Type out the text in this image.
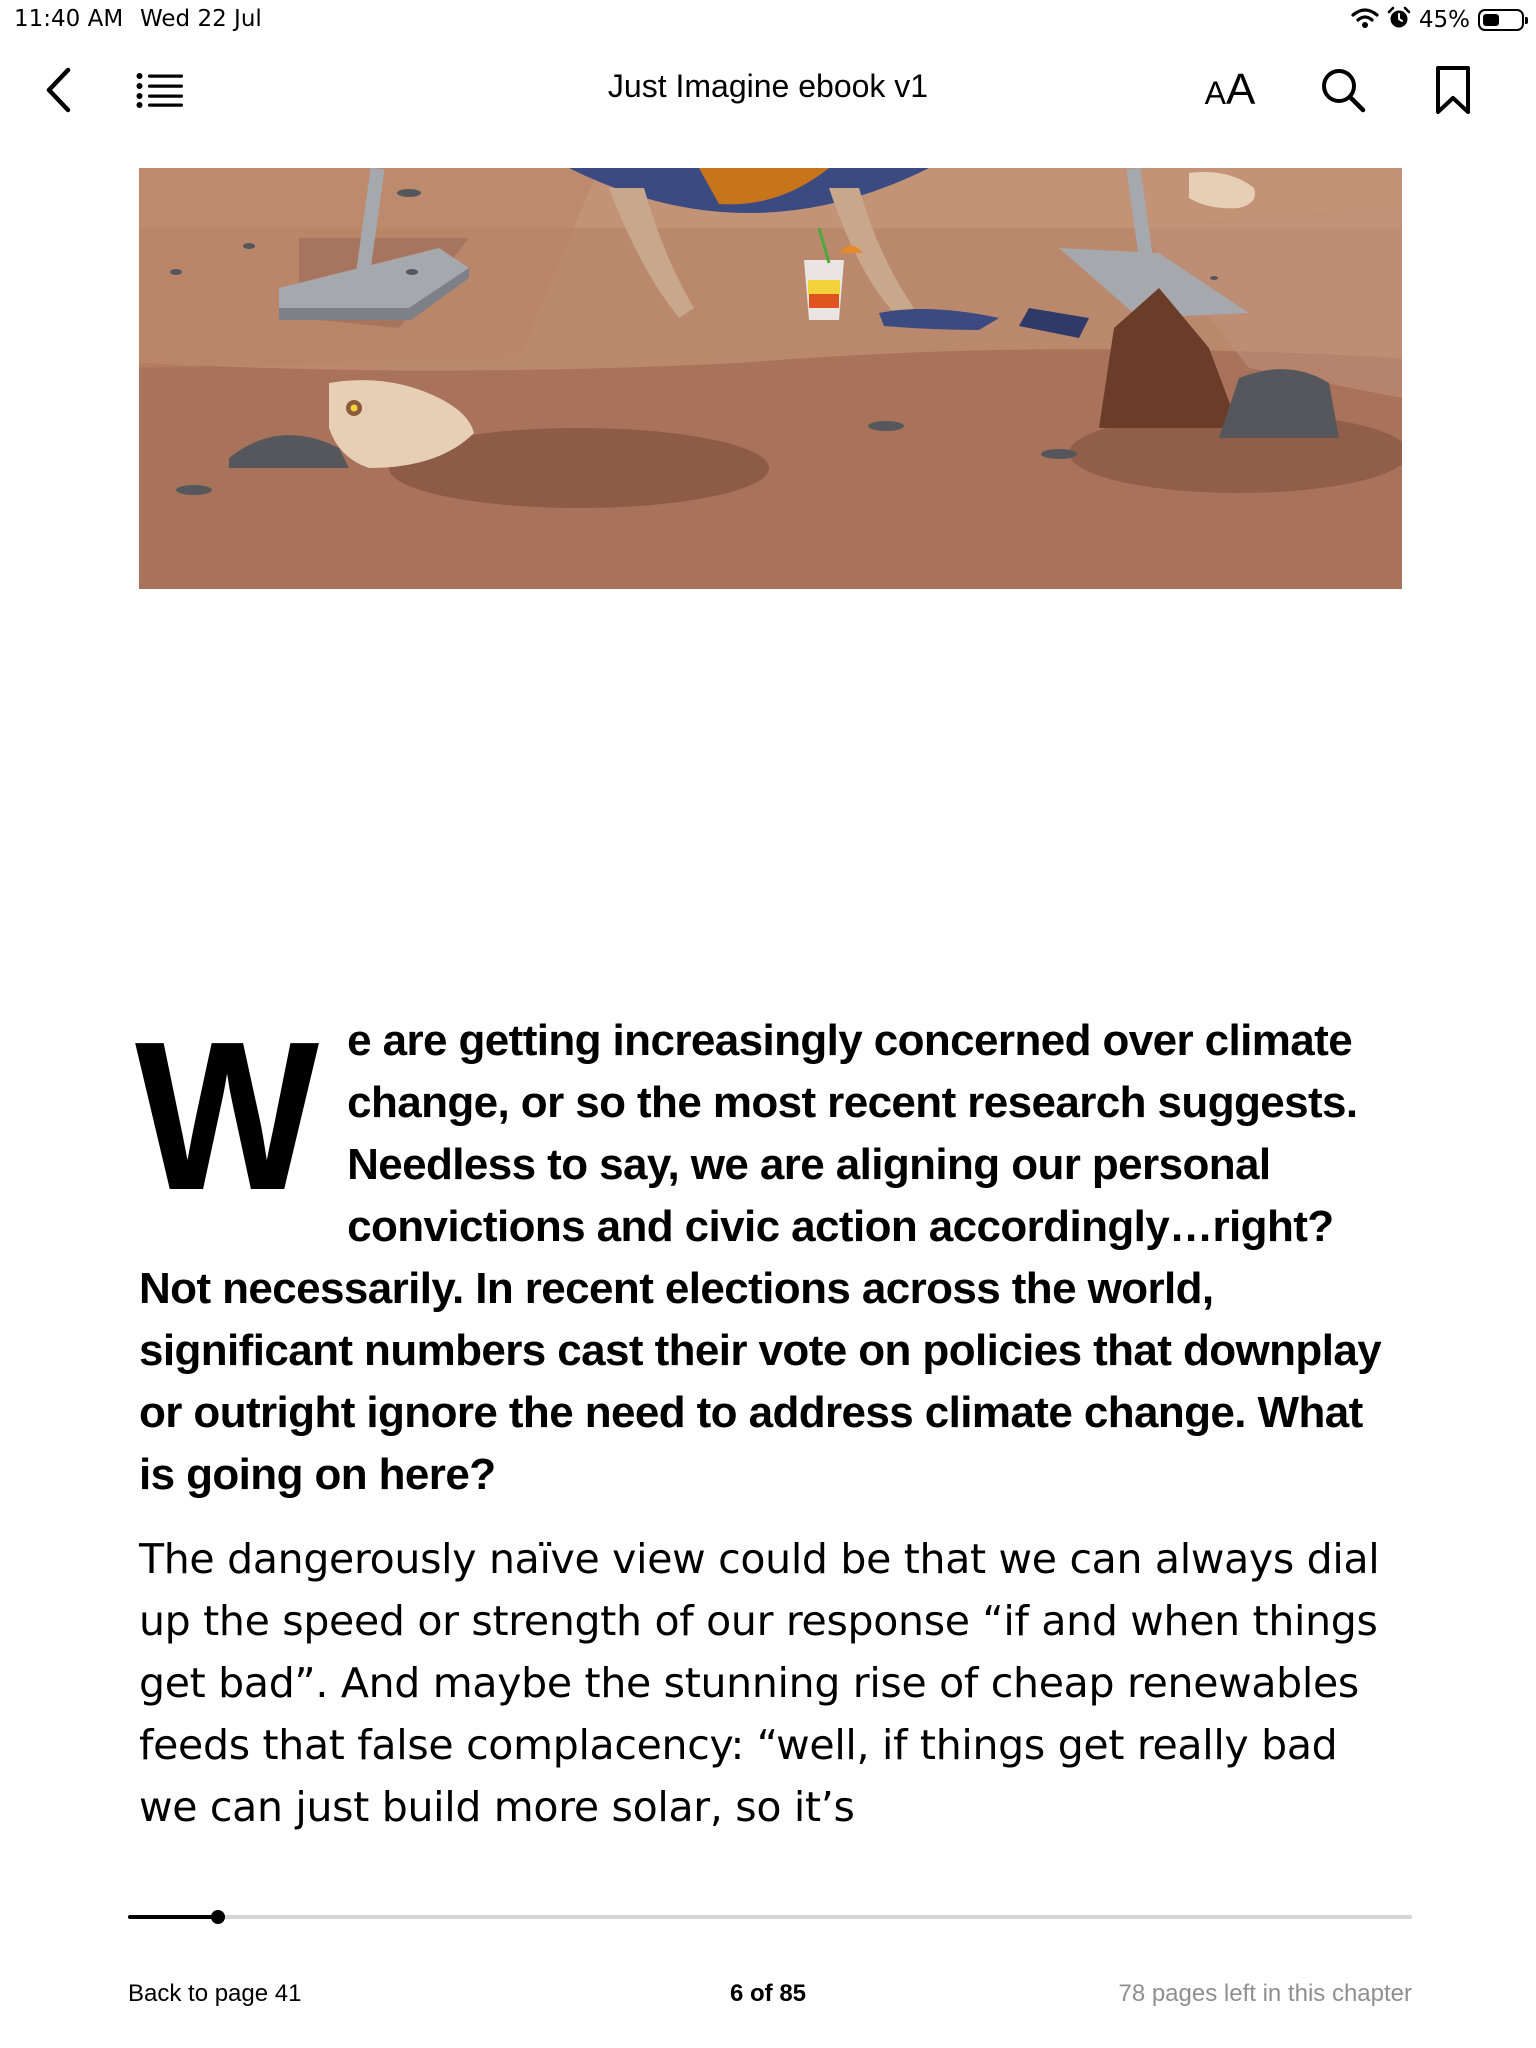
11:40 AM Wed 22 Jul	45%
Just Imagine ebook v1	AA

We are getting increasingly concerned over climate change, or so the most recent research suggests. Needless to say, we are aligning our personal convictions and civic action accordingly…right? Not necessarily. In recent elections across the world, significant numbers cast their vote on policies that downplay or outright ignore the need to address climate change. What is going on here?

The dangerously naïve view could be that we can always dial up the speed or strength of our response “if and when things get bad”. And maybe the stunning rise of cheap renewables feeds that false complacency: “well, if things get really bad we can just build more solar, so it’s

Back to page 41	6 of 85	78 pages left in this chapter
